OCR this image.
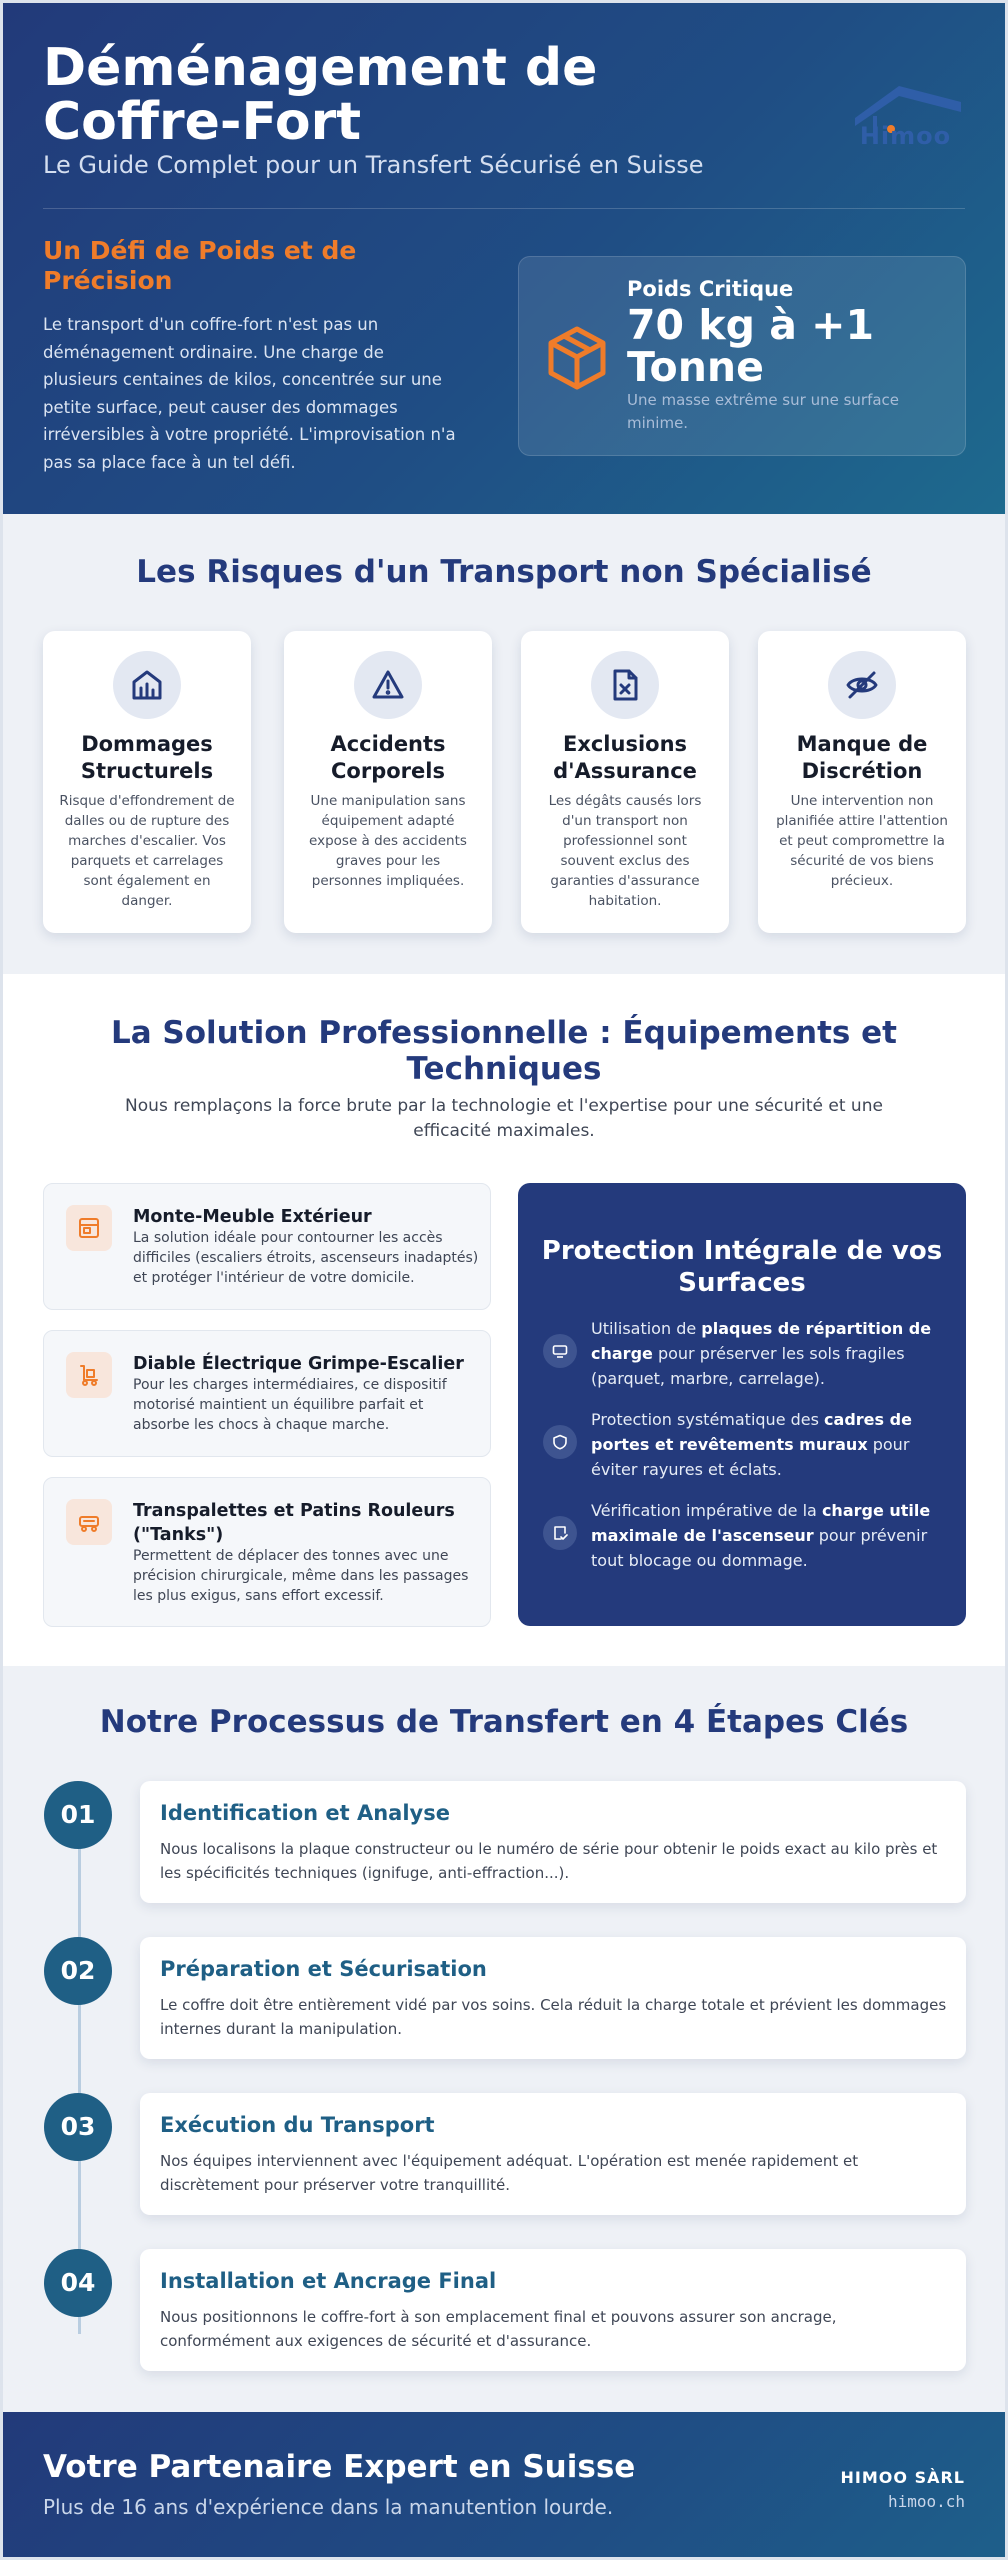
Déménagement de Coffre-Fort
Le Guide Complet pour un Transfert Sécurisé en Suisse
Himoo
Un Défi de Poids et de Précision

Le transport d'un coffre-fort n'est pas un déménagement ordinaire. Une charge de plusieurs centaines de kilos, concentrée sur une petite surface, peut causer des dommages irréversibles à votre propriété. L'improvisation n'a pas sa place face à un tel défi.

Poids Critique
70 kg à +1 Tonne
Une masse extrême sur une surface minime.
Les Risques d'un Transport non Spécialisé
Dommages Structurels
Risque d'effondrement de dalles ou de rupture des marches d'escalier. Vos parquets et carrelages sont également en danger.
Accidents Corporels
Une manipulation sans équipement adapté expose à des accidents graves pour les personnes impliquées.
Exclusions d'Assurance
Les dégâts causés lors d'un transport non professionnel sont souvent exclus des garanties d'assurance habitation.
Manque de Discrétion
Une intervention non planifiée attire l'attention et peut compromettre la sécurité de vos biens précieux.
La Solution Professionnelle : Équipements et Techniques

Nous remplaçons la force brute par la technologie et l'expertise pour une sécurité et une efficacité maximales.

Monte-Meuble Extérieur
La solution idéale pour contourner les accès difficiles (escaliers étroits, ascenseurs inadaptés) et protéger l'intérieur de votre domicile.
Diable Électrique Grimpe-Escalier
Pour les charges intermédiaires, ce dispositif motorisé maintient un équilibre parfait et absorbe les chocs à chaque marche.
Transpalettes et Patins Rouleurs ("Tanks")
Permettent de déplacer des tonnes avec une précision chirurgicale, même dans les passages les plus exigus, sans effort excessif.
Protection Intégrale de vos Surfaces

Utilisation de plaques de répartition de charge pour préserver les sols fragiles (parquet, marbre, carrelage).

Protection systématique des cadres de portes et revêtements muraux pour éviter rayures et éclats.

Vérification impérative de la charge utile maximale de l'ascenseur pour prévenir tout blocage ou dommage.

Notre Processus de Transfert en 4 Étapes Clés
01	Identification et Analyse
Nous localisons la plaque constructeur ou le numéro de série pour obtenir le poids exact au kilo près et les spécificités techniques (ignifuge, anti-effraction...).
02	Préparation et Sécurisation
Le coffre doit être entièrement vidé par vos soins. Cela réduit la charge totale et prévient les dommages internes durant la manipulation.
03	Exécution du Transport
Nos équipes interviennent avec l'équipement adéquat. L'opération est menée rapidement et discrètement pour préserver votre tranquillité.
04	Installation et Ancrage Final
Nous positionnons le coffre-fort à son emplacement final et pouvons assurer son ancrage, conformément aux exigences de sécurité et d'assurance.
Votre Partenaire Expert en Suisse
Plus de 16 ans d'expérience dans la manutention lourde.
HIMOO SÀRL
himoo.ch
